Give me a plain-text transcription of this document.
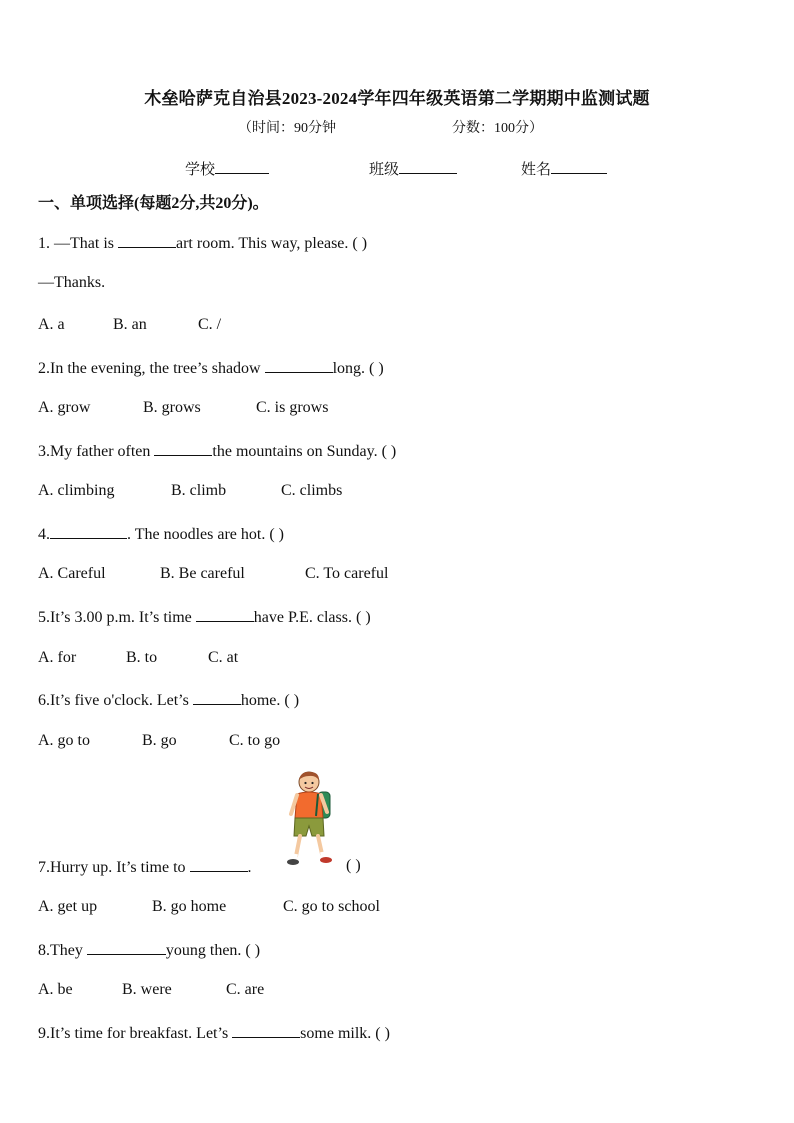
木垒哈萨克自治县2023-2024学年四年级英语第二学期期中监测试题
（时间：90分钟	分数：100分）
学校	班级	姓名
一、单项选择(每题2分,共20分)。
1. —That is	art room. This way, please. ( )
—Thanks.
A. a	B. an	C. /
2.In the evening, the tree’s shadow	long. ( )
A. grow	B. grows	C. is grows
3.My father often	the mountains on Sunday. ( )
A. climbing	B. climb	C. climbs
4.	. The noodles are hot. ( )
A. Careful	B. Be careful	C. To careful
5.It’s 3.00 p.m. It’s time	have P.E. class. ( )
A. for	B. to	C. at
6.It’s five o'clock. Let’s	home. ( )
A. go to	B. go	C. to go
7.Hurry up. It’s time to	.	( )
A. get up	B. go home	C. go to school
8.They	young then. ( )
A. be	B. were	C. are
9.It’s time for breakfast. Let’s	some milk. ( )
